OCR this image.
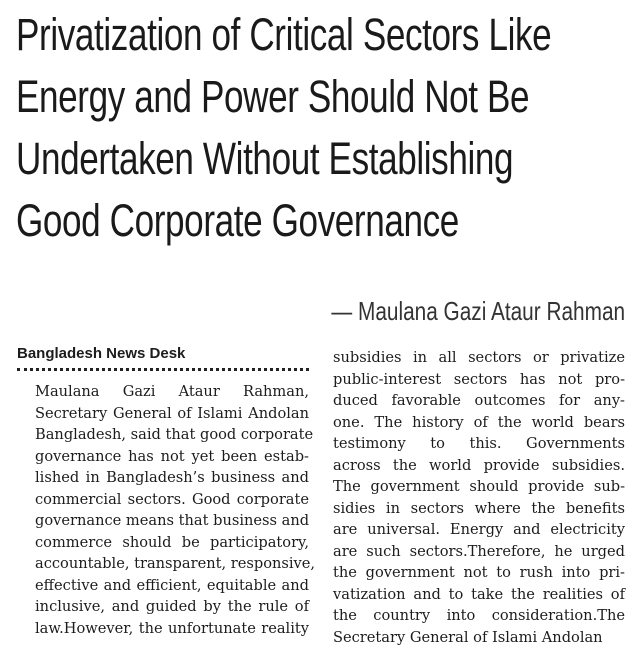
Privatization of Critical Sectors Like
Energy and Power Should Not Be
Undertaken Without Establishing
Good Corporate Governance
— Maulana Gazi Ataur Rahman
Bangladesh News Desk

Maulana Gazi Ataur Rahman,
Secretary General of Islami Andolan
Bangladesh, said that good corporate
governance has not yet been estab-
lished in Bangladesh’s business and
commercial sectors. Good corporate
governance means that business and
commerce should be participatory,
accountable, transparent, responsive,
effective and efficient, equitable and
inclusive, and guided by the rule of
law.However, the unfortunate reality

subsidies in all sectors or privatize
public-interest sectors has not pro-
duced favorable outcomes for any-
one. The history of the world bears
testimony to this. Governments
across the world provide subsidies.
The government should provide sub-
sidies in sectors where the benefits
are universal. Energy and electricity
are such sectors.Therefore, he urged
the government not to rush into pri-
vatization and to take the realities of
the country into consideration.The
Secretary General of Islami Andolan
